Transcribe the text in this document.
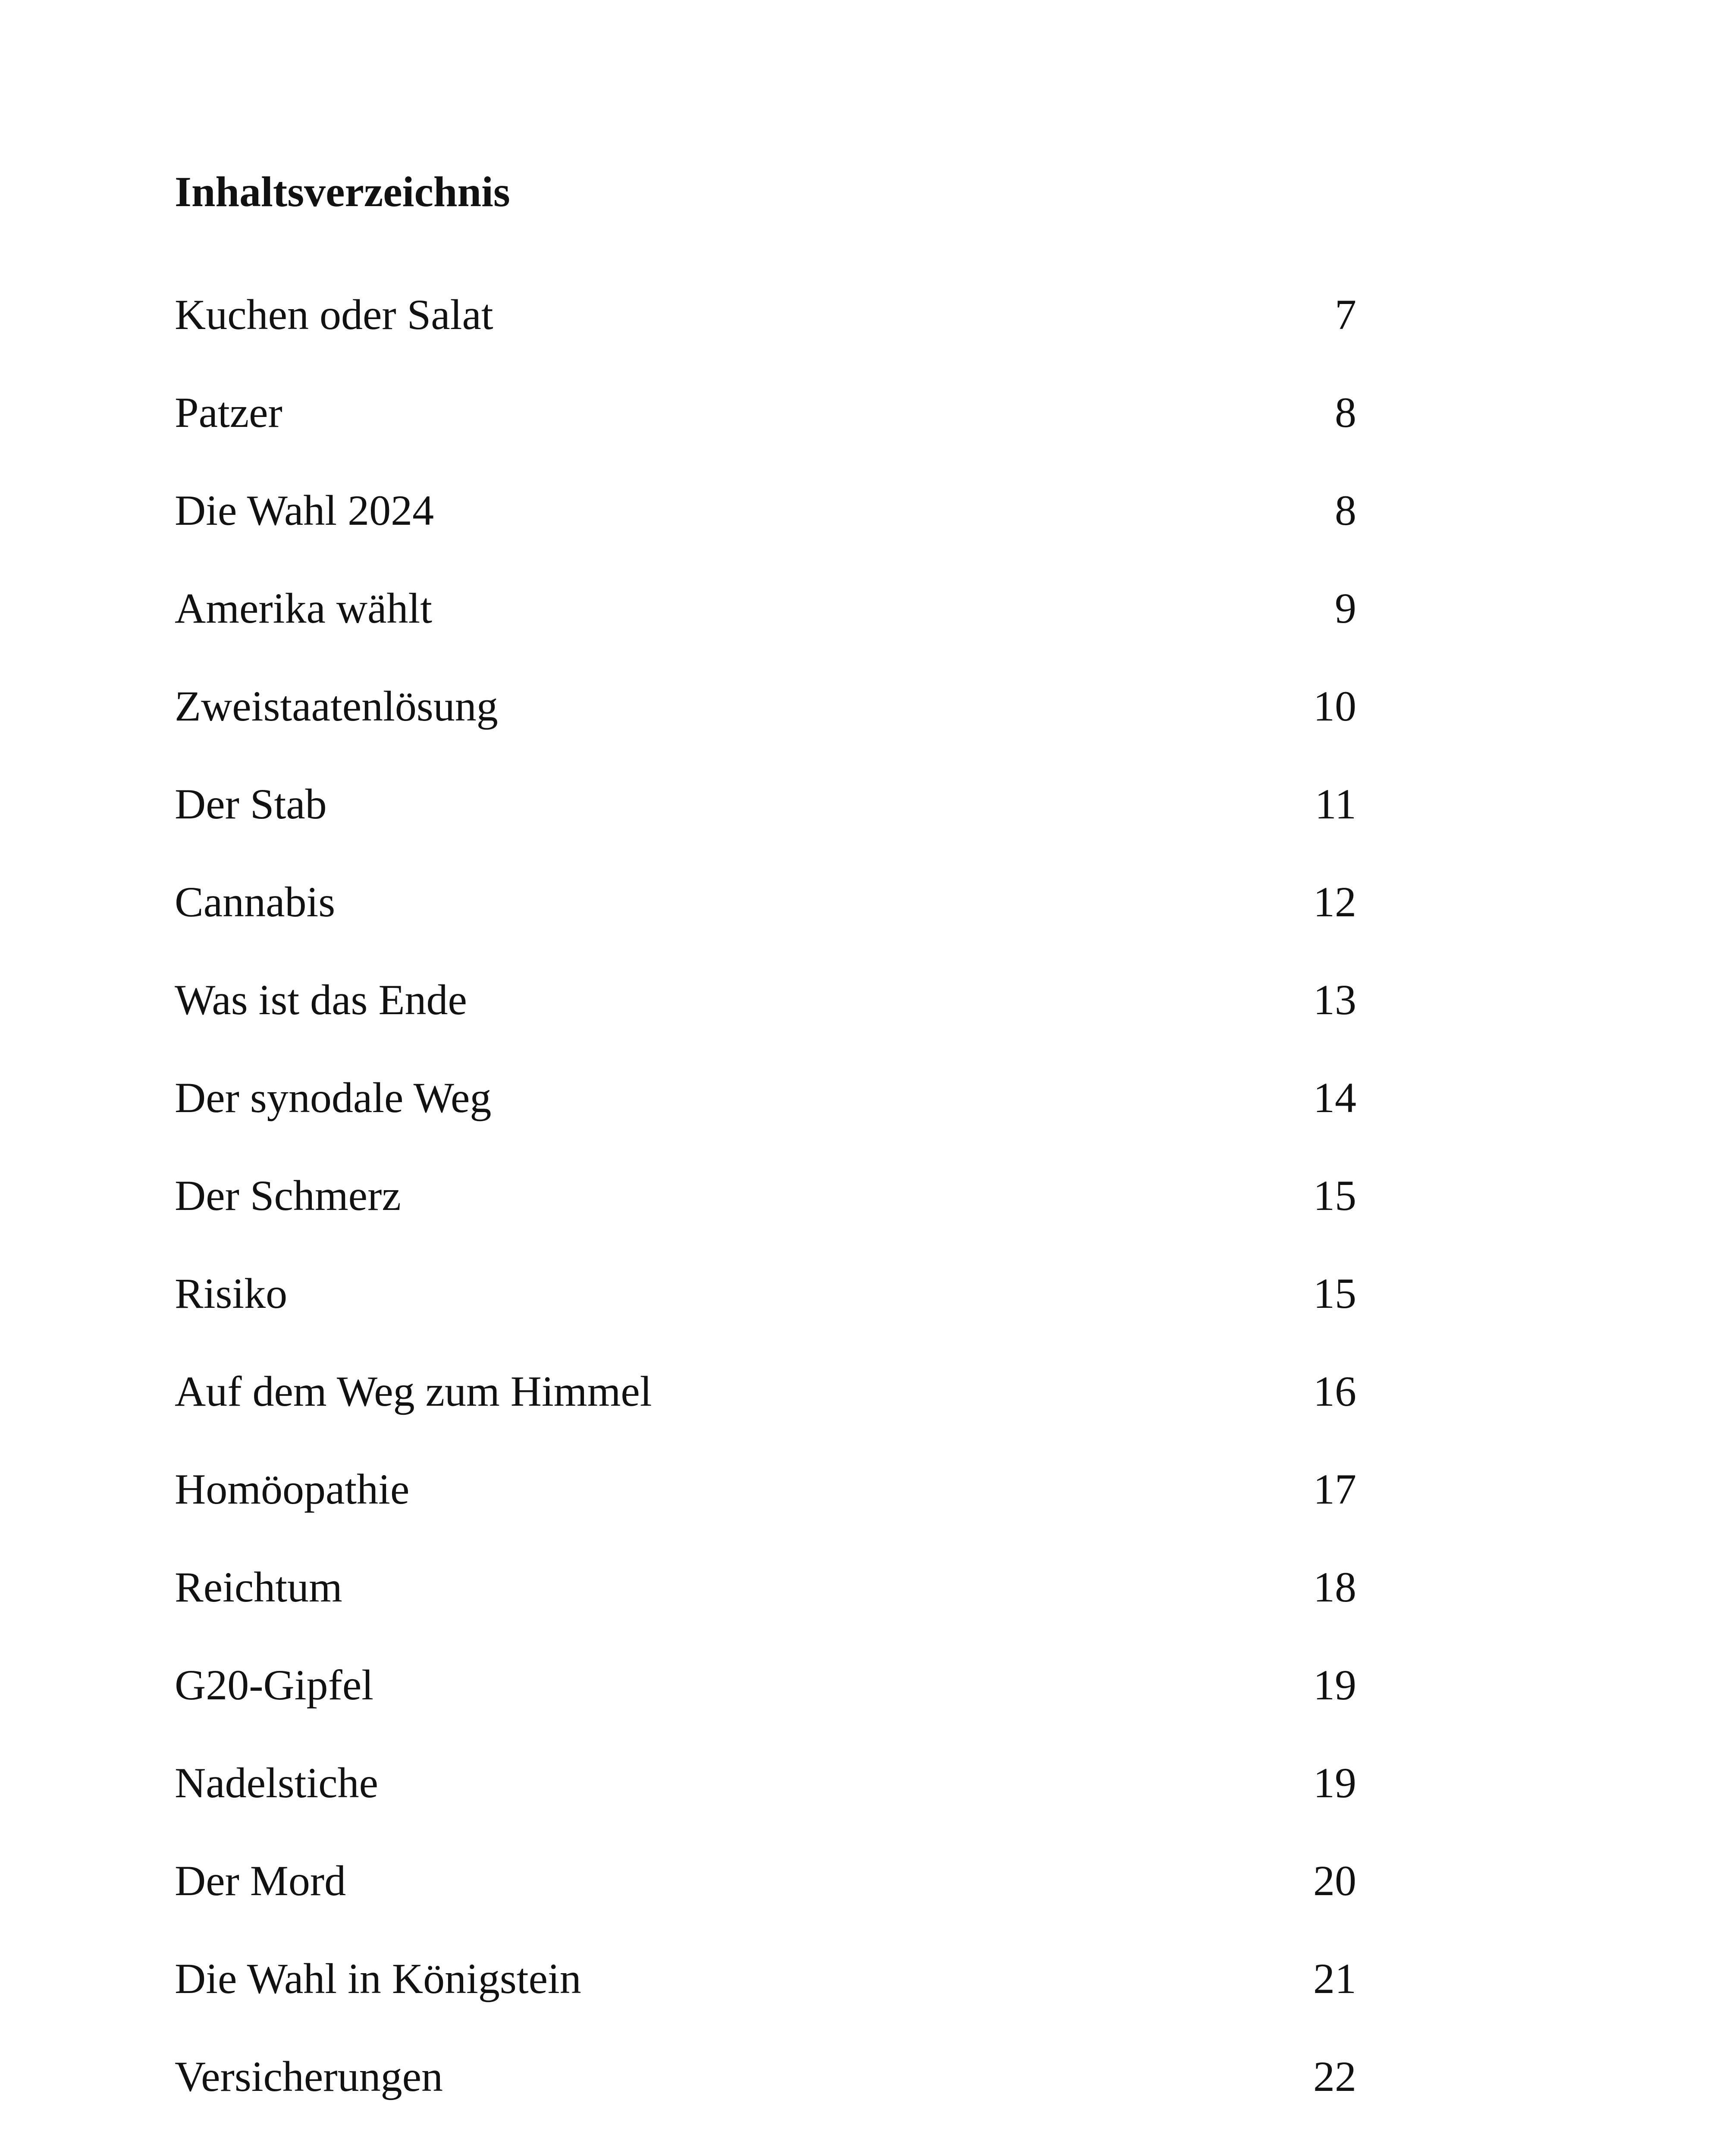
Inhaltsverzeichnis
Kuchen oder Salat	7
Patzer	8
Die Wahl 2024	8
Amerika wählt	9
Zweistaatenlösung	10
Der Stab	11
Cannabis	12
Was ist das Ende	13
Der synodale Weg	14
Der Schmerz	15
Risiko	15
Auf dem Weg zum Himmel	16
Homöopathie	17
Reichtum	18
G20-Gipfel	19
Nadelstiche	19
Der Mord	20
Die Wahl in Königstein	21
Versicherungen	22
